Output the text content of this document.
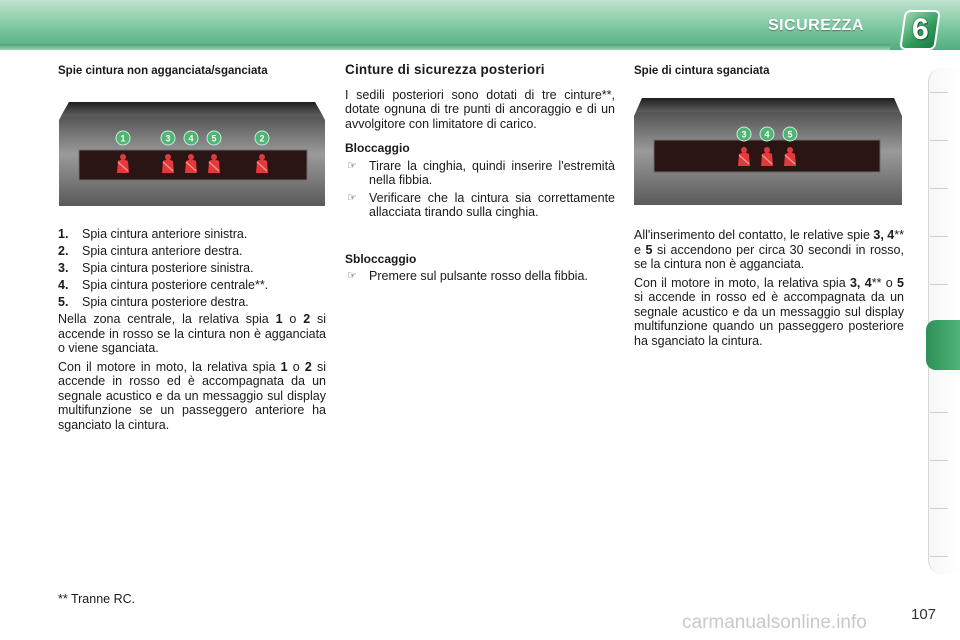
SICUREZZA 6
Spie cintura non agganciata/sganciata
1	3 4 5	2
1.	Spia cintura anteriore sinistra.
2.	Spia cintura anteriore destra.
3.	Spia cintura posteriore sinistra.
4.	Spia cintura posteriore centrale**.
5.	Spia cintura posteriore destra.

Nella zona centrale, la relativa spia 1 o 2 si accende in rosso se la cintura non è agganciata o viene sganciata.

Con il motore in moto, la relativa spia 1 o 2 si accende in rosso ed è accompagnata da un segnale acustico e da un messaggio sul display multifunzione se un passeggero anteriore ha sganciato la cintura.

Cinture di sicurezza posteriori

I sedili posteriori sono dotati di tre cinture**, dotate ognuna di tre punti di ancoraggio e di un avvolgitore con limitatore di carico.

Bloccaggio
☞ Tirare la cinghia, quindi inserire l'estremità nella fibbia.
☞ Verificare che la cintura sia correttamente allacciata tirando sulla cinghia.
Sbloccaggio
☞ Premere sul pulsante rosso della fibbia.
Spie di cintura sganciata
3 4 5

All'inserimento del contatto, le relative spie 3, 4** e 5 si accendono per circa 30 secondi in rosso, se la cintura non è agganciata.

Con il motore in moto, la relativa spia 3, 4** o 5 si accende in rosso ed è accompagnata da un segnale acustico e da un messaggio sul display multifunzione quando un passeggero posteriore ha sganciato la cintura.

** Tranne RC.
carmanualsonline.info	107
